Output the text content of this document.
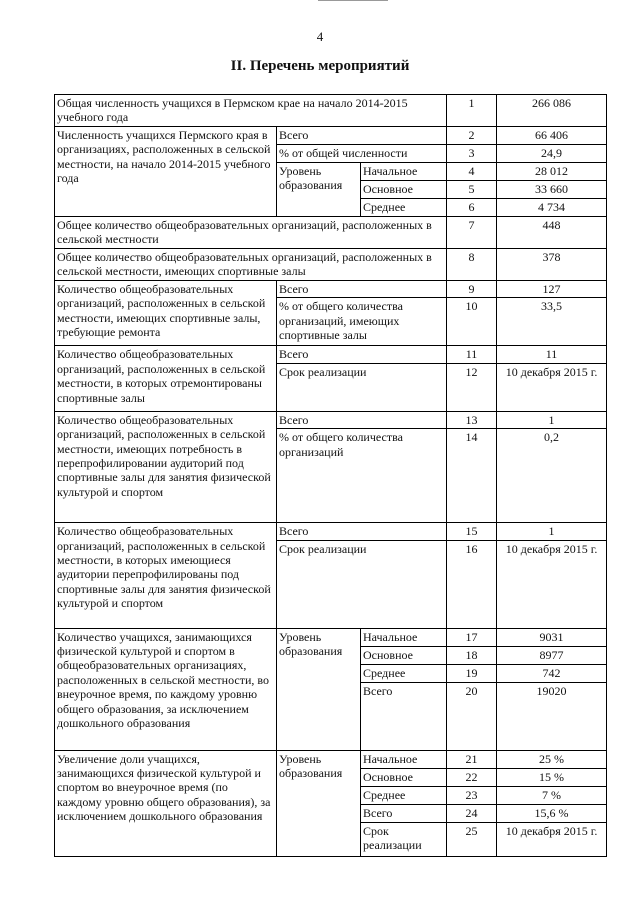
4
II. Перечень мероприятий
Общая численность учащихся в Пермском крае на начало 2014-2015 учебного года			1	266 086
Численность учащихся Пермского края в организациях, расположенных в сельской местности, на начало 2014-2015 учебного года	Всего		2	66 406
	% от общей численности		3	24,9
	Уровень образования	Начальное	4	28 012
		Основное	5	33 660
		Среднее	6	4 734
Общее количество общеобразовательных организаций, расположенных в сельской местности			7	448
Общее количество общеобразовательных организаций, расположенных в сельской местности, имеющих спортивные залы			8	378
Количество общеобразовательных организаций, расположенных в сельской местности, имеющих спортивные залы, требующие ремонта	Всего		9	127
	% от общего количества организаций, имеющих спортивные залы		10	33,5
Количество общеобразовательных организаций, расположенных в сельской местности, в которых отремонтированы спортивные залы	Всего		11	11
	Срок реализации		12	10 декабря 2015 г.
Количество общеобразовательных организаций, расположенных в сельской местности, имеющих потребность в перепрофилировании аудиторий под спортивные залы для занятия физической культурой и спортом	Всего		13	1
	% от общего количества организаций		14	0,2
Количество общеобразовательных организаций, расположенных в сельской местности, в которых имеющиеся аудитории перепрофилированы под спортивные залы для занятия физической культурой и спортом	Всего		15	1
	Срок реализации		16	10 декабря 2015 г.
Количество учащихся, занимающихся физической культурой и спортом в общеобразовательных организациях, расположенных в сельской местности, во внеурочное время, по каждому уровню общего образования, за исключением дошкольного образования	Уровень образования	Начальное	17	9031
		Основное	18	8977
		Среднее	19	742
		Всего	20	19020
Увеличение доли учащихся, занимающихся физической культурой и спортом во внеурочное время (по каждому уровню общего образования), за исключением дошкольного образования	Уровень образования	Начальное	21	25 %
		Основное	22	15 %
		Среднее	23	7 %
		Всего	24	15,6 %
		Срок реализации	25	10 декабря 2015 г.
